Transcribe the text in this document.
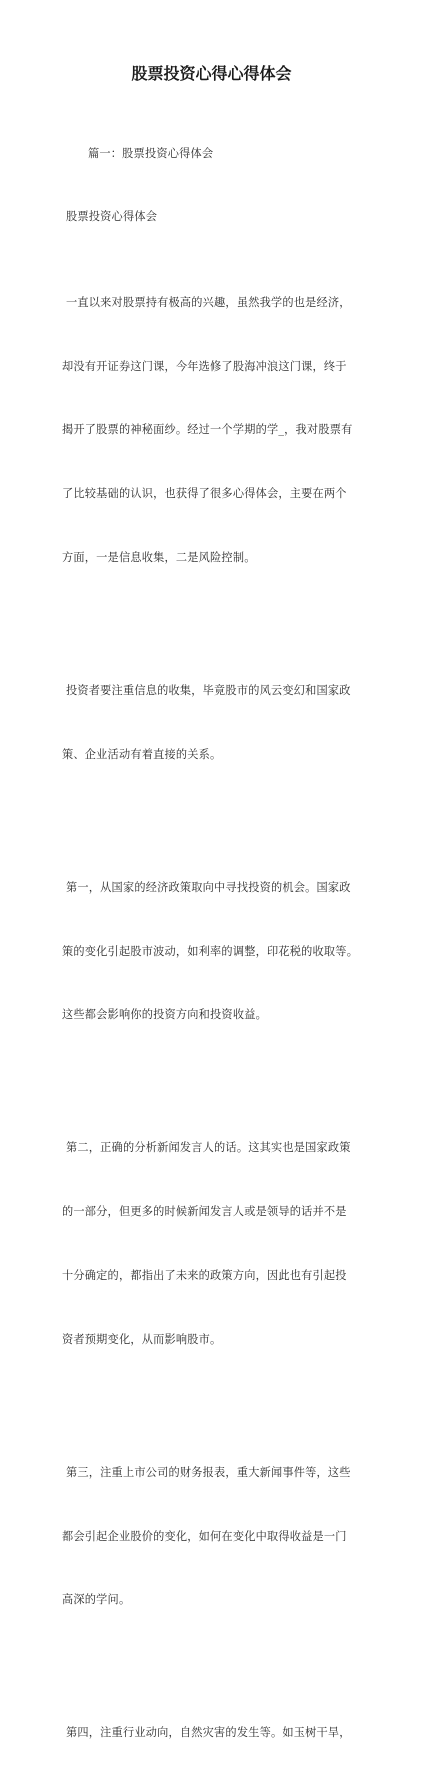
股票投资心得心得体会

篇一：股票投资心得体会

股票投资心得体会

一直以来对股票持有极高的兴趣，虽然我学的也是经济，

却没有开证券这门课，今年选修了股海冲浪这门课，终于

揭开了股票的神秘面纱。经过一个学期的学_，我对股票有

了比较基础的认识，也获得了很多心得体会，主要在两个

方面，一是信息收集，二是风险控制。

投资者要注重信息的收集，毕竟股市的风云变幻和国家政

策、企业活动有着直接的关系。

第一，从国家的经济政策取向中寻找投资的机会。国家政

策的变化引起股市波动，如利率的调整，印花税的收取等。

这些都会影响你的投资方向和投资收益。

第二，正确的分析新闻发言人的话。这其实也是国家政策

的一部分，但更多的时候新闻发言人或是领导的话并不是

十分确定的，都指出了未来的政策方向，因此也有引起投

资者预期变化，从而影响股市。

第三，注重上市公司的财务报表，重大新闻事件等，这些

都会引起企业股价的变化，如何在变化中取得收益是一门

高深的学问。

第四，注重行业动向，自然灾害的发生等。如玉树干旱，
